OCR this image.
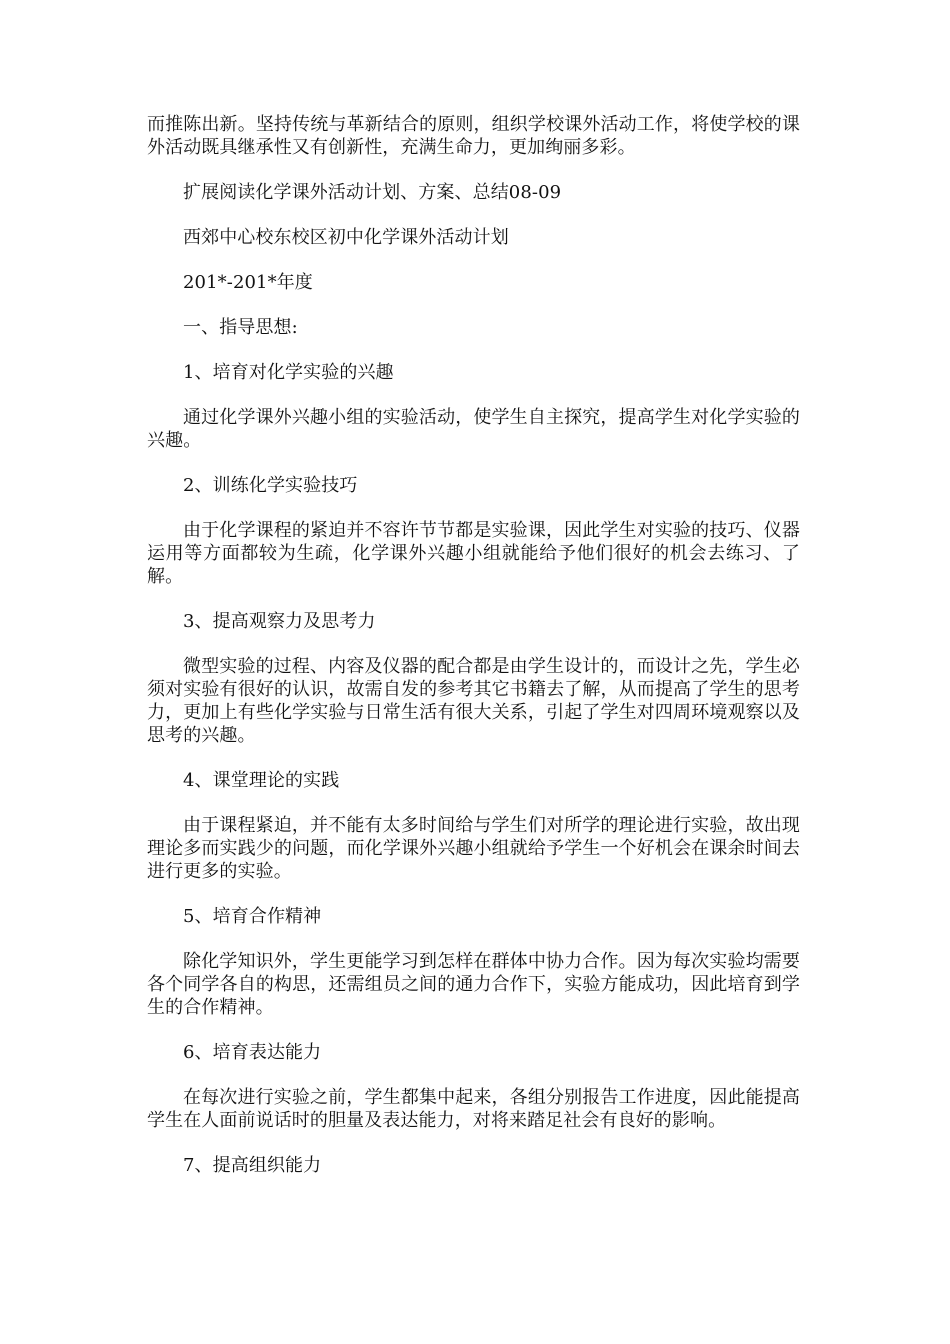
而推陈出新。坚持传统与革新结合的原则，组织学校课外活动工作，将使学校的课外活动既具继承性又有创新性，充满生命力，更加绚丽多彩。

扩展阅读化学课外活动计划、方案、总结08-09

西郊中心校东校区初中化学课外活动计划

201*-201*年度

一、指导思想:

1、培育对化学实验的兴趣

通过化学课外兴趣小组的实验活动，使学生自主探究，提高学生对化学实验的兴趣。

2、训练化学实验技巧

由于化学课程的紧迫并不容许节节都是实验课，因此学生对实验的技巧、仪器运用等方面都较为生疏，化学课外兴趣小组就能给予他们很好的机会去练习、了解。

3、提高观察力及思考力

微型实验的过程、内容及仪器的配合都是由学生设计的，而设计之先，学生必须对实验有很好的认识，故需自发的参考其它书籍去了解，从而提高了学生的思考力，更加上有些化学实验与日常生活有很大关系，引起了学生对四周环境观察以及思考的兴趣。

4、课堂理论的实践

由于课程紧迫，并不能有太多时间给与学生们对所学的理论进行实验，故出现理论多而实践少的问题，而化学课外兴趣小组就给予学生一个好机会在课余时间去进行更多的实验。

5、培育合作精神

除化学知识外，学生更能学习到怎样在群体中协力合作。因为每次实验均需要各个同学各自的构思，还需组员之间的通力合作下，实验方能成功，因此培育到学生的合作精神。

6、培育表达能力

在每次进行实验之前，学生都集中起来，各组分别报告工作进度，因此能提高学生在人面前说话时的胆量及表达能力，对将来踏足社会有良好的影响。

7、提高组织能力
